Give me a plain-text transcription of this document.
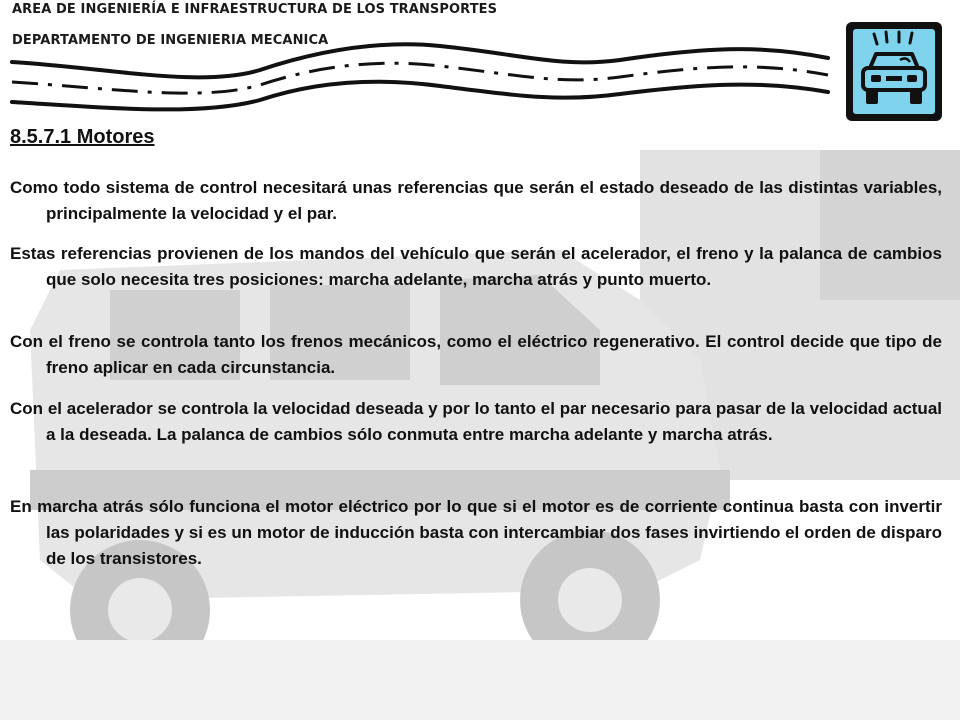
AREA DE INGENIERÍA E INFRAESTRUCTURA DE LOS TRANSPORTES

DEPARTAMENTO DE INGENIERIA MECANICA

8.5.7.1 Motores

Como todo sistema de control necesitará unas referencias que serán el estado deseado de las distintas variables, principalmente la velocidad y el par.

Estas referencias provienen de los mandos del vehículo que serán el acelerador, el freno y la palanca de cambios que solo necesita tres posiciones: marcha adelante, marcha atrás y punto muerto.

Con el freno se controla tanto los frenos mecánicos, como el eléctrico regenerativo. El control decide que tipo de freno aplicar en cada circunstancia.

Con el acelerador se controla la velocidad deseada y por lo tanto el par necesario para pasar de la velocidad actual a la deseada. La palanca de cambios sólo conmuta entre marcha adelante y marcha atrás.

En marcha atrás sólo funciona el motor eléctrico por lo que si el motor es de corriente continua basta con invertir las polaridades y si es un motor de inducción basta con intercambiar dos fases invirtiendo el orden de disparo de los transistores.
